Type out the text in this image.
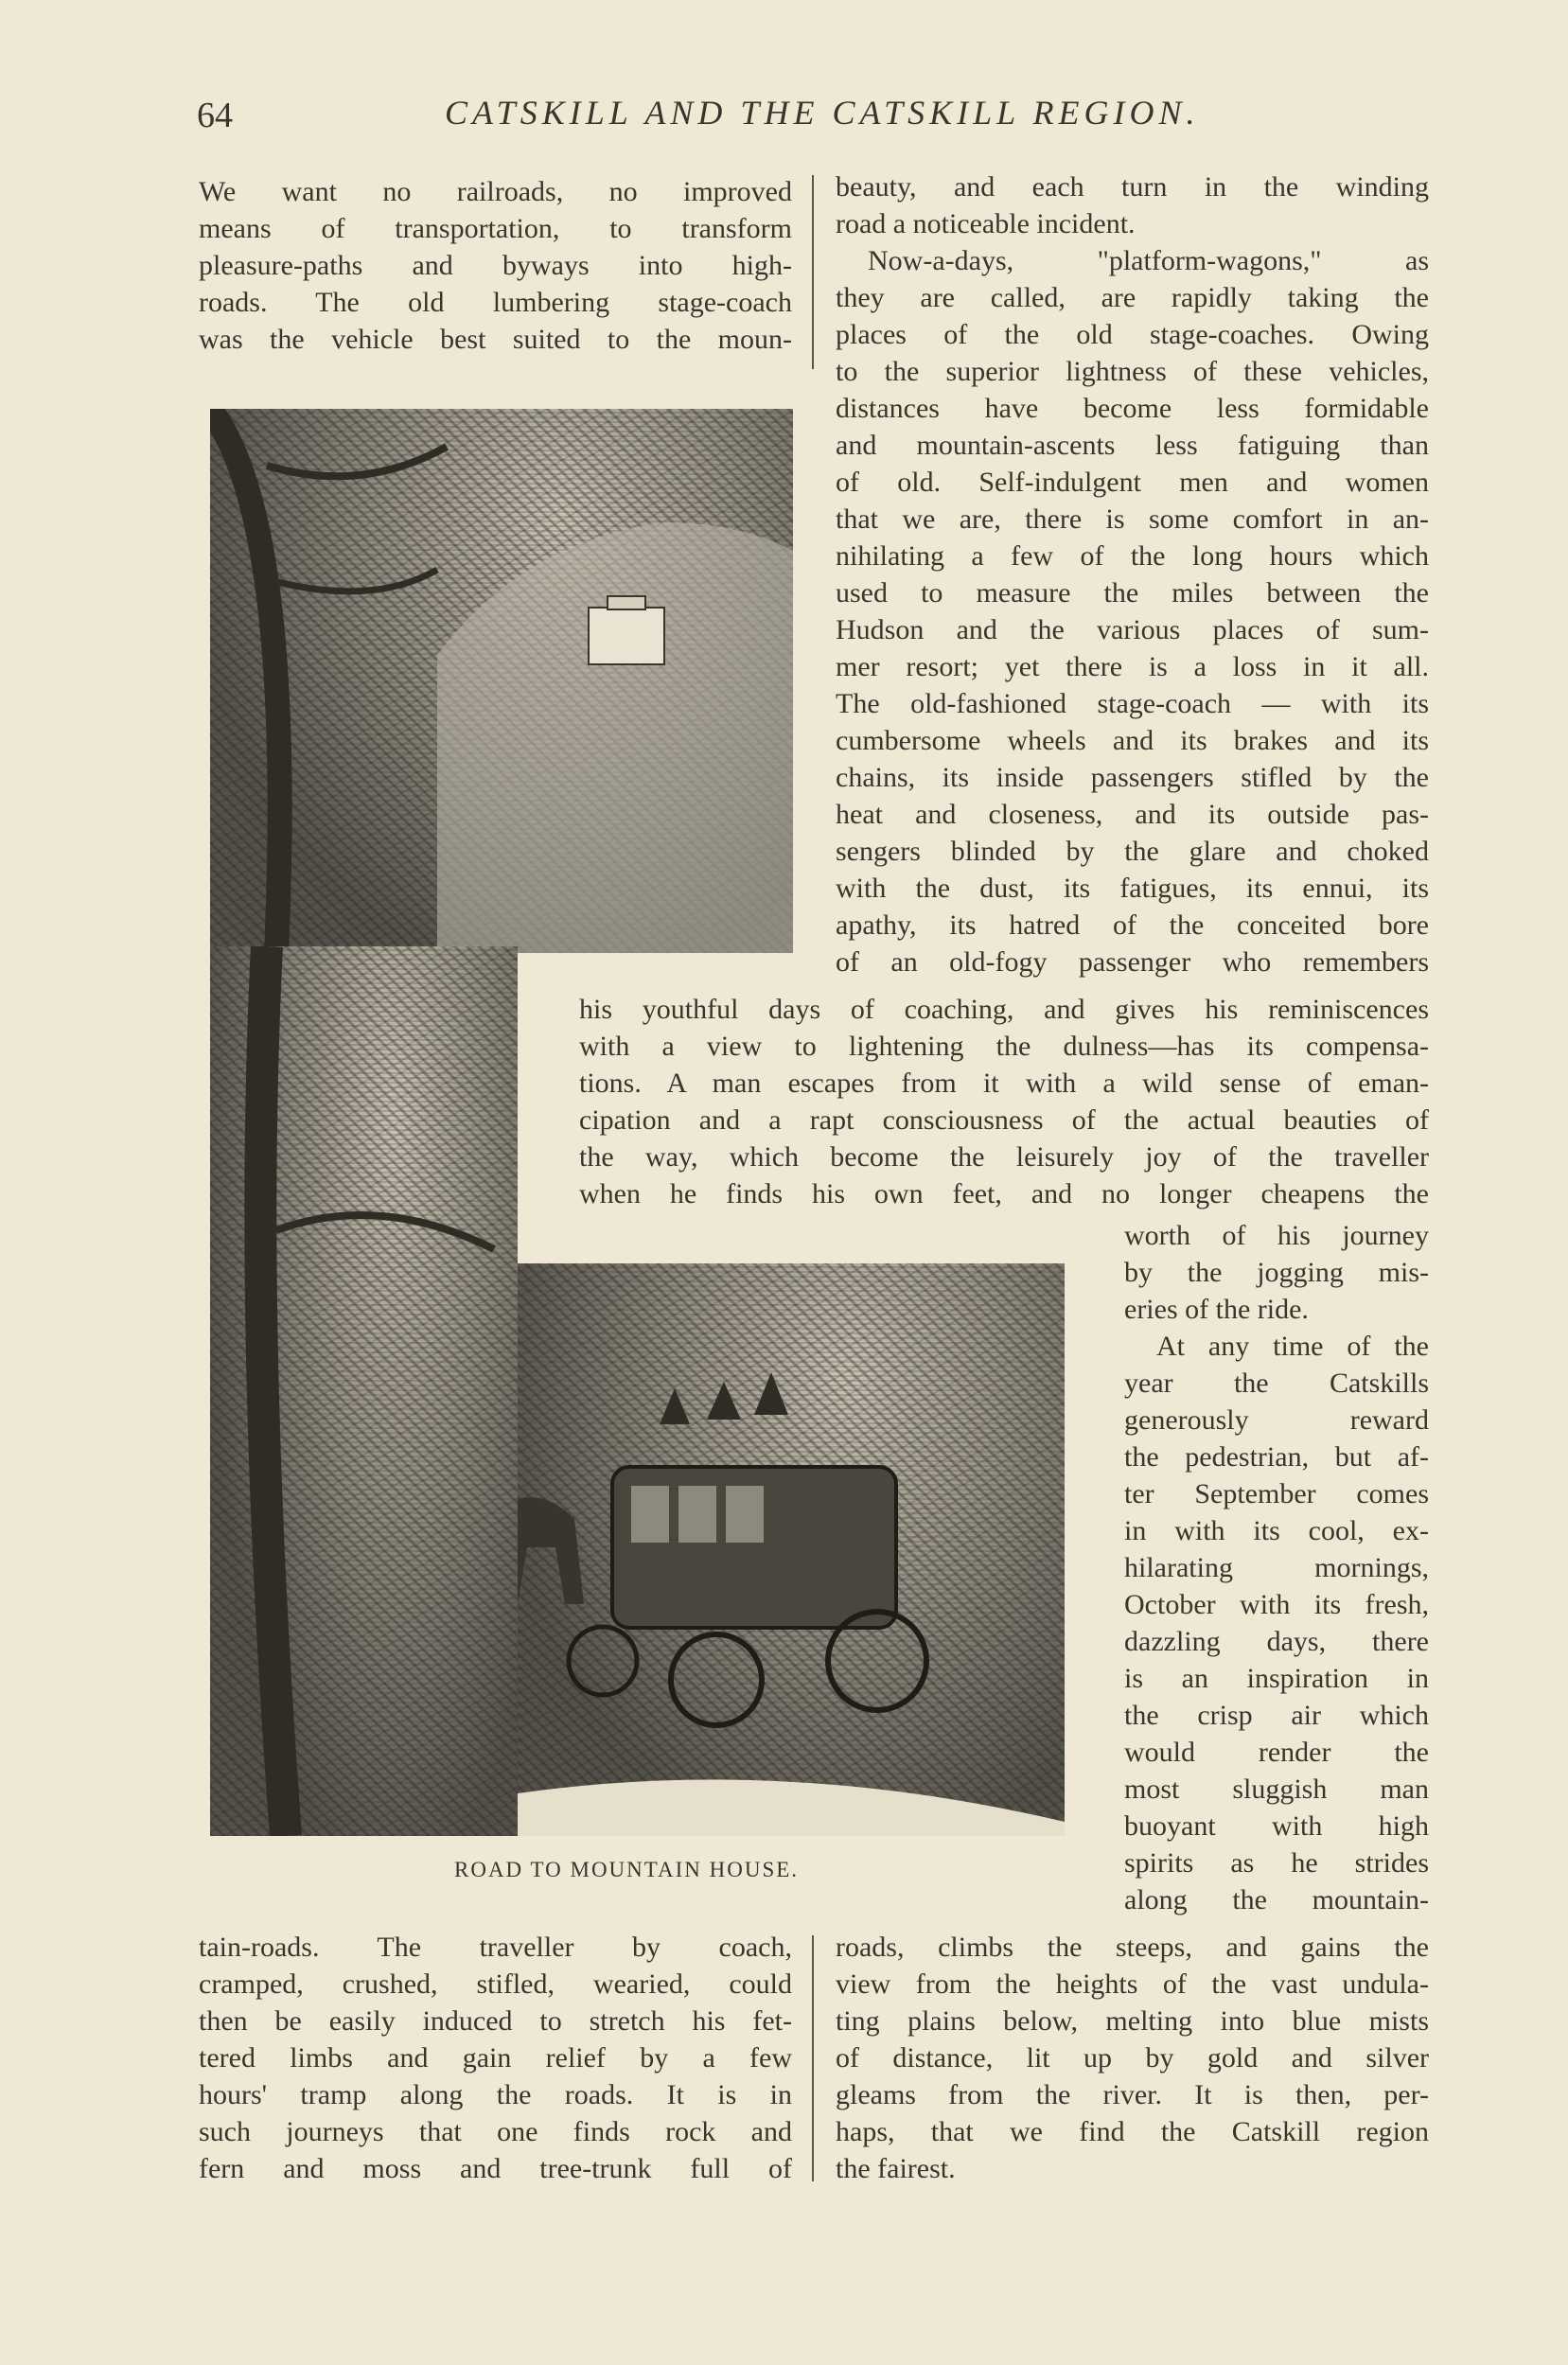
64	CATSKILL AND THE CATSKILL REGION.
ROAD TO MOUNTAIN HOUSE.
We want no railroads, no improved
means of transportation, to transform
pleasure-paths and byways into high-
roads. The old lumbering stage-coach
was the vehicle best suited to the moun-
beauty, and each turn in the winding
road a noticeable incident.
Now-a-days, "platform-wagons," as
they are called, are rapidly taking the
places of the old stage-coaches. Owing
to the superior lightness of these vehicles,
distances have become less formidable
and mountain-ascents less fatiguing than
of old. Self-indulgent men and women
that we are, there is some comfort in an-
nihilating a few of the long hours which
used to measure the miles between the
Hudson and the various places of sum-
mer resort; yet there is a loss in it all.
The old-fashioned stage-coach — with its
cumbersome wheels and its brakes and its
chains, its inside passengers stifled by the
heat and closeness, and its outside pas-
sengers blinded by the glare and choked
with the dust, its fatigues, its ennui, its
apathy, its hatred of the conceited bore
of an old-fogy passenger who remembers
his youthful days of coaching, and gives his reminiscences
with a view to lightening the dulness—has its compensa-
tions. A man escapes from it with a wild sense of eman-
cipation and a rapt consciousness of the actual beauties of
the way, which become the leisurely joy of the traveller
when he finds his own feet, and no longer cheapens the
worth of his journey
by the jogging mis-
eries of the ride.
At any time of the
year the Catskills
generously reward
the pedestrian, but af-
ter September comes
in with its cool, ex-
hilarating mornings,
October with its fresh,
dazzling days, there
is an inspiration in
the crisp air which
would render the
most sluggish man
buoyant with high
spirits as he strides
along the mountain-
tain-roads. The traveller by coach,
cramped, crushed, stifled, wearied, could
then be easily induced to stretch his fet-
tered limbs and gain relief by a few
hours' tramp along the roads. It is in
such journeys that one finds rock and
fern and moss and tree-trunk full of
roads, climbs the steeps, and gains the
view from the heights of the vast undula-
ting plains below, melting into blue mists
of distance, lit up by gold and silver
gleams from the river. It is then, per-
haps, that we find the Catskill region
the fairest.
